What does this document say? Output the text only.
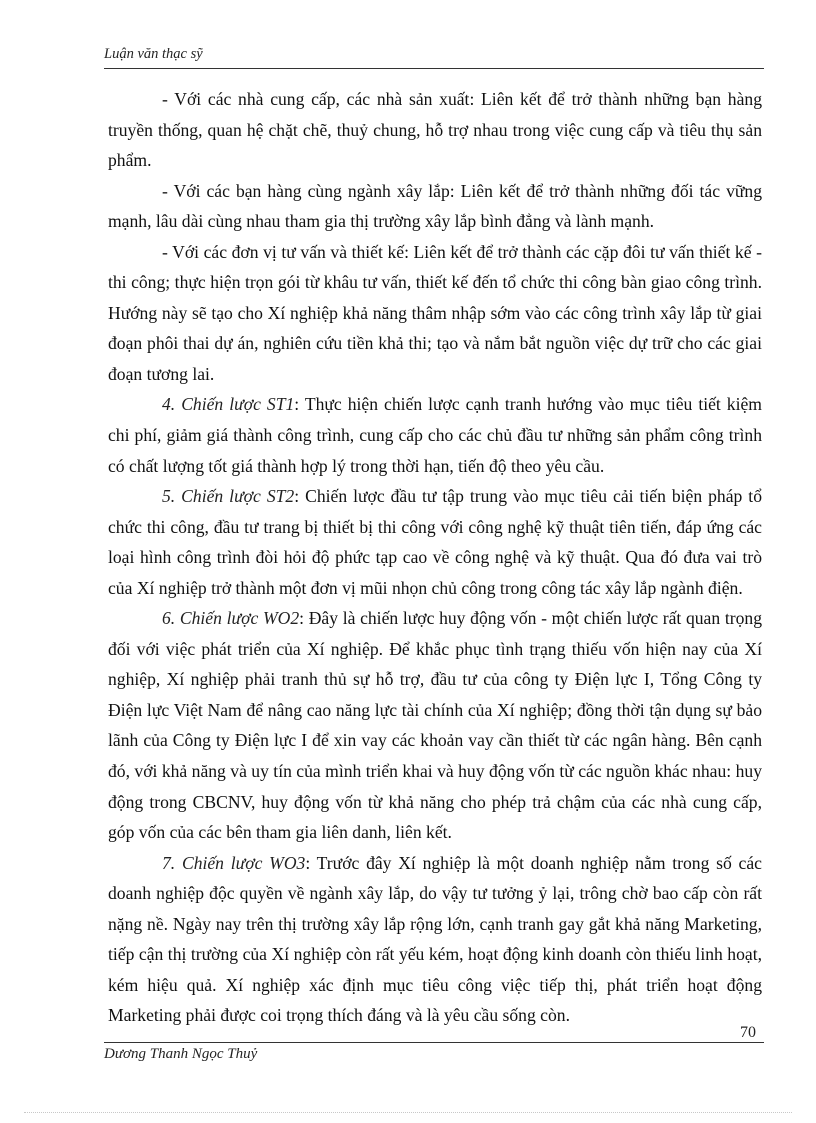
Luận văn thạc sỹ

- Với các nhà cung cấp, các nhà sản xuất: Liên kết để trở thành những bạn hàng truyền thống, quan hệ chặt chẽ, thuỷ chung, hỗ trợ nhau trong việc cung cấp và tiêu thụ sản phẩm.

- Với các bạn hàng cùng ngành xây lắp: Liên kết để trở thành những đối tác vững mạnh, lâu dài cùng nhau tham gia thị trường xây lắp bình đẳng và lành mạnh.

- Với các đơn vị tư vấn và thiết kế: Liên kết để trở thành các cặp đôi tư vấn thiết kế - thi công; thực hiện trọn gói từ khâu tư vấn, thiết kế đến tổ chức thi công bàn giao công trình. Hướng này sẽ tạo cho Xí nghiệp khả năng thâm nhập sớm vào các công trình xây lắp từ giai đoạn phôi thai dự án, nghiên cứu tiền khả thi; tạo và nắm bắt nguồn việc dự trữ cho các giai đoạn tương lai.

4. Chiến lược ST1: Thực hiện chiến lược cạnh tranh hướng vào mục tiêu tiết kiệm chi phí, giảm giá thành công trình, cung cấp cho các chủ đầu tư những sản phẩm công trình có chất lượng tốt giá thành hợp lý trong thời hạn, tiến độ theo yêu cầu.

5. Chiến lược ST2: Chiến lược đầu tư tập trung vào mục tiêu cải tiến biện pháp tổ chức thi công, đầu tư trang bị thiết bị thi công với công nghệ kỹ thuật tiên tiến, đáp ứng các loại hình công trình đòi hỏi độ phức tạp cao về công nghệ và kỹ thuật. Qua đó đưa vai trò của Xí nghiệp trở thành một đơn vị mũi nhọn chủ công trong công tác xây lắp ngành điện.

6. Chiến lược WO2: Đây là chiến lược huy động vốn - một chiến lược rất quan trọng đối với việc phát triển của Xí nghiệp. Để khắc phục tình trạng thiếu vốn hiện nay của Xí nghiệp, Xí nghiệp phải tranh thủ sự hỗ trợ, đầu tư của công ty Điện lực I, Tổng Công ty Điện lực Việt Nam để nâng cao năng lực tài chính của Xí nghiệp; đồng thời tận dụng sự bảo lãnh của Công ty Điện lực I để xin vay các khoản vay cần thiết từ các ngân hàng. Bên cạnh đó, với khả năng và uy tín của mình triển khai và huy động vốn từ các nguồn khác nhau: huy động trong CBCNV, huy động vốn từ khả năng cho phép trả chậm của các nhà cung cấp, góp vốn của các bên tham gia liên danh, liên kết.

7. Chiến lược WO3: Trước đây Xí nghiệp là một doanh nghiệp nằm trong số các doanh nghiệp độc quyền về ngành xây lắp, do vậy tư tưởng ỷ lại, trông chờ bao cấp còn rất nặng nề. Ngày nay trên thị trường xây lắp rộng lớn, cạnh tranh gay gắt khả năng Marketing, tiếp cận thị trường của Xí nghiệp còn rất yếu kém, hoạt động kinh doanh còn thiếu linh hoạt, kém hiệu quả. Xí nghiệp xác định mục tiêu công việc tiếp thị, phát triển hoạt động Marketing phải được coi trọng thích đáng và là yêu cầu sống còn.

70
Dương Thanh Ngọc Thuỷ
